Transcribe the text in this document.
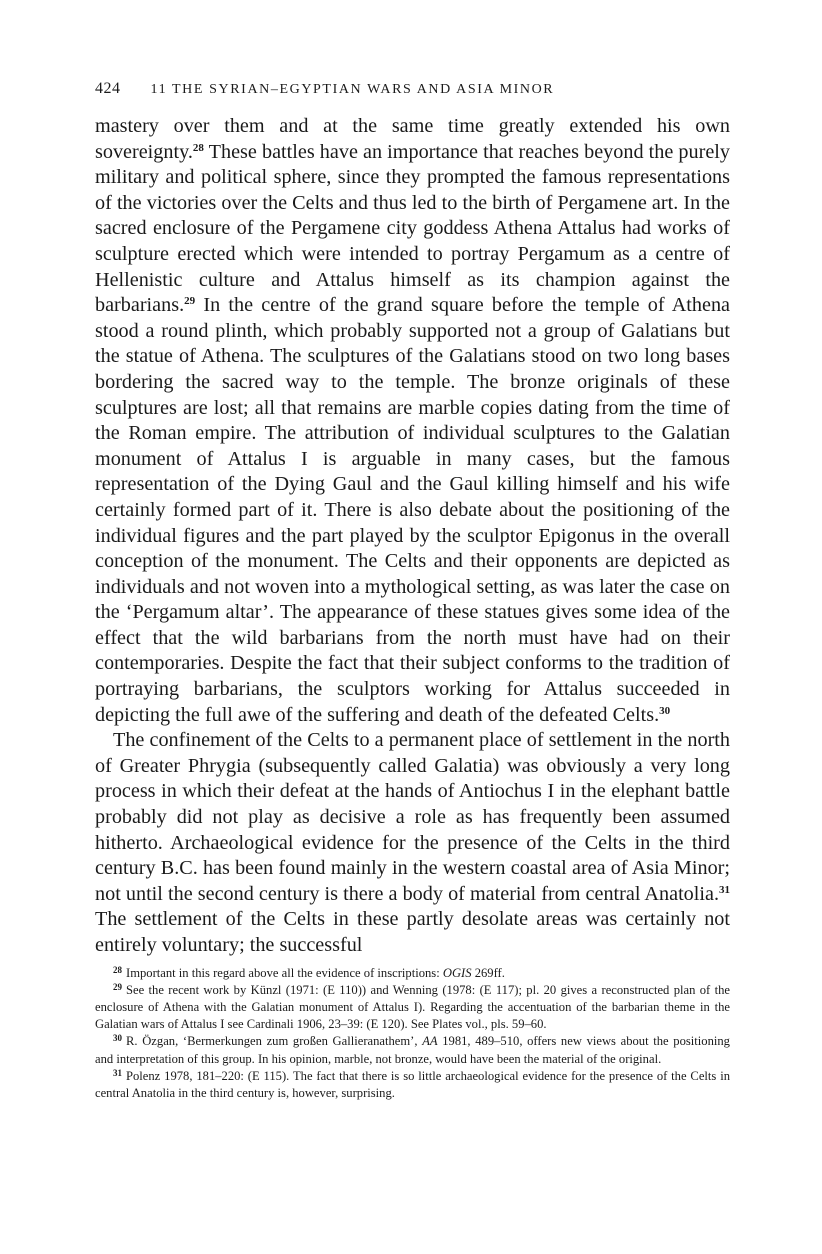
424 11 THE SYRIAN–EGYPTIAN WARS AND ASIA MINOR

mastery over them and at the same time greatly extended his own sovereignty.$^{28}$ These battles have an importance that reaches beyond the purely military and political sphere, since they prompted the famous representations of the victories over the Celts and thus led to the birth of Pergamene art. In the sacred enclosure of the Pergamene city goddess Athena Attalus had works of sculpture erected which were intended to portray Pergamum as a centre of Hellenistic culture and Attalus himself as its champion against the barbarians.$^{29}$ In the centre of the grand square before the temple of Athena stood a round plinth, which probably supported not a group of Galatians but the statue of Athena. The sculptures of the Galatians stood on two long bases bordering the sacred way to the temple. The bronze originals of these sculptures are lost; all that remains are marble copies dating from the time of the Roman empire. The attribution of individual sculptures to the Galatian monument of Attalus I is arguable in many cases, but the famous representation of the Dying Gaul and the Gaul killing himself and his wife certainly formed part of it. There is also debate about the positioning of the individual figures and the part played by the sculptor Epigonus in the overall conception of the monument. The Celts and their opponents are depicted as individuals and not woven into a mythological setting, as was later the case on the ‘Pergamum altar’. The appearance of these statues gives some idea of the effect that the wild barbarians from the north must have had on their contemporaries. Despite the fact that their subject conforms to the tradition of portraying barbarians, the sculptors working for Attalus succeeded in depicting the full awe of the suffering and death of the defeated Celts.$^{30}$

The confinement of the Celts to a permanent place of settlement in the north of Greater Phrygia (subsequently called Galatia) was obviously a very long process in which their defeat at the hands of Antiochus I in the elephant battle probably did not play as decisive a role as has frequently been assumed hitherto. Archaeological evidence for the presence of the Celts in the third century B.C. has been found mainly in the western coastal area of Asia Minor; not until the second century is there a body of material from central Anatolia.$^{31}$ The settlement of the Celts in these partly desolate areas was certainly not entirely voluntary; the successful

$^{28}$ Important in this regard above all the evidence of inscriptions: OGIS 269ff.

$^{29}$ See the recent work by Künzl (1971: (E 110)) and Wenning (1978: (E 117); pl. 20 gives a reconstructed plan of the enclosure of Athena with the Galatian monument of Attalus I). Regarding the accentuation of the barbarian theme in the Galatian wars of Attalus I see Cardinali 1906, 23–39: (E 120). See Plates vol., pls. 59–60.

$^{30}$ R. Özgan, ‘Bermerkungen zum großen Gallieranathem’, AA 1981, 489–510, offers new views about the positioning and interpretation of this group. In his opinion, marble, not bronze, would have been the material of the original.

$^{31}$ Polenz 1978, 181–220: (E 115). The fact that there is so little archaeological evidence for the presence of the Celts in central Anatolia in the third century is, however, surprising.
